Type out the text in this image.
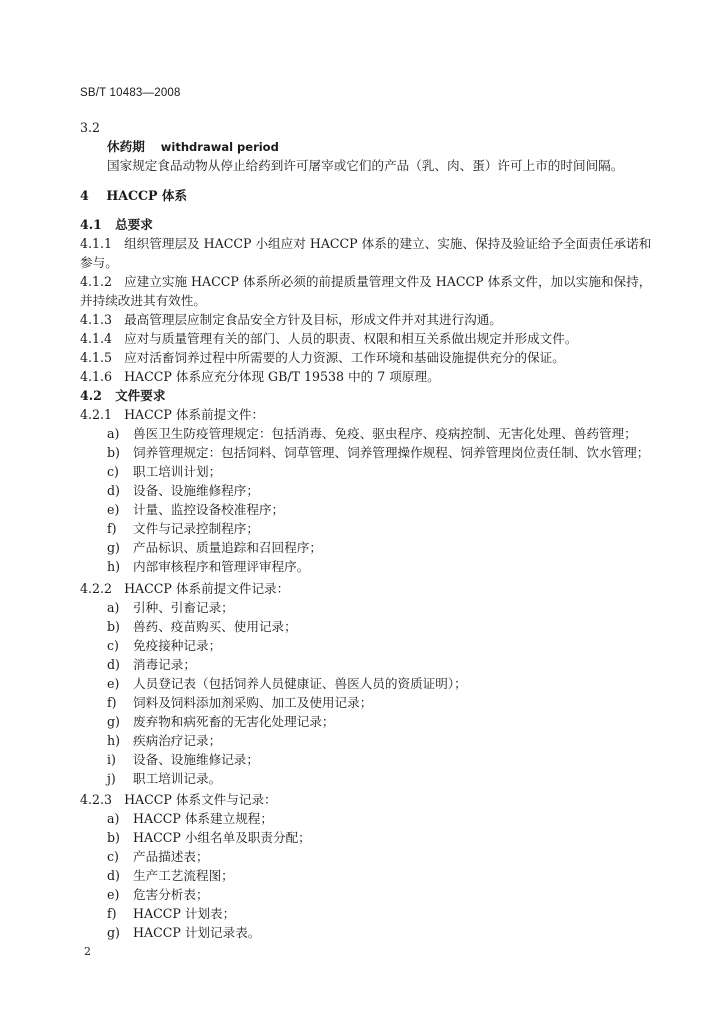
SB/T 10483—2008
3.2
休药期 withdrawal period
国家规定食品动物从停止给药到许可屠宰或它们的产品（乳、肉、蛋）许可上市的时间间隔。
4 HACCP 体系
4.1 总要求
4.1.1 组织管理层及 HACCP 小组应对 HACCP 体系的建立、实施、保持及验证给予全面责任承诺和
参与。
4.1.2 应建立实施 HACCP 体系所必须的前提质量管理文件及 HACCP 体系文件，加以实施和保持，
并持续改进其有效性。
4.1.3 最高管理层应制定食品安全方针及目标，形成文件并对其进行沟通。
4.1.4 应对与质量管理有关的部门、人员的职责、权限和相互关系做出规定并形成文件。
4.1.5 应对活畜饲养过程中所需要的人力资源、工作环境和基础设施提供充分的保证。
4.1.6 HACCP 体系应充分体现 GB/T 19538 中的 7 项原理。
4.2 文件要求
4.2.1 HACCP 体系前提文件：
a) 兽医卫生防疫管理规定：包括消毒、免疫、驱虫程序、疫病控制、无害化处理、兽药管理；
b) 饲养管理规定：包括饲料、饲草管理、饲养管理操作规程、饲养管理岗位责任制、饮水管理；
c) 职工培训计划；
d) 设备、设施维修程序；
e) 计量、监控设备校准程序；
f) 文件与记录控制程序；
g) 产品标识、质量追踪和召回程序；
h) 内部审核程序和管理评审程序。
4.2.2 HACCP 体系前提文件记录：
a) 引种、引畜记录；
b) 兽药、疫苗购买、使用记录；
c) 免疫接种记录；
d) 消毒记录；
e) 人员登记表（包括饲养人员健康证、兽医人员的资质证明）；
f) 饲料及饲料添加剂采购、加工及使用记录；
g) 废弃物和病死畜的无害化处理记录；
h) 疾病治疗记录；
i) 设备、设施维修记录；
j) 职工培训记录。
4.2.3 HACCP 体系文件与记录：
a) HACCP 体系建立规程；
b) HACCP 小组名单及职责分配；
c) 产品描述表；
d) 生产工艺流程图；
e) 危害分析表；
f) HACCP 计划表；
g) HACCP 计划记录表。
2
